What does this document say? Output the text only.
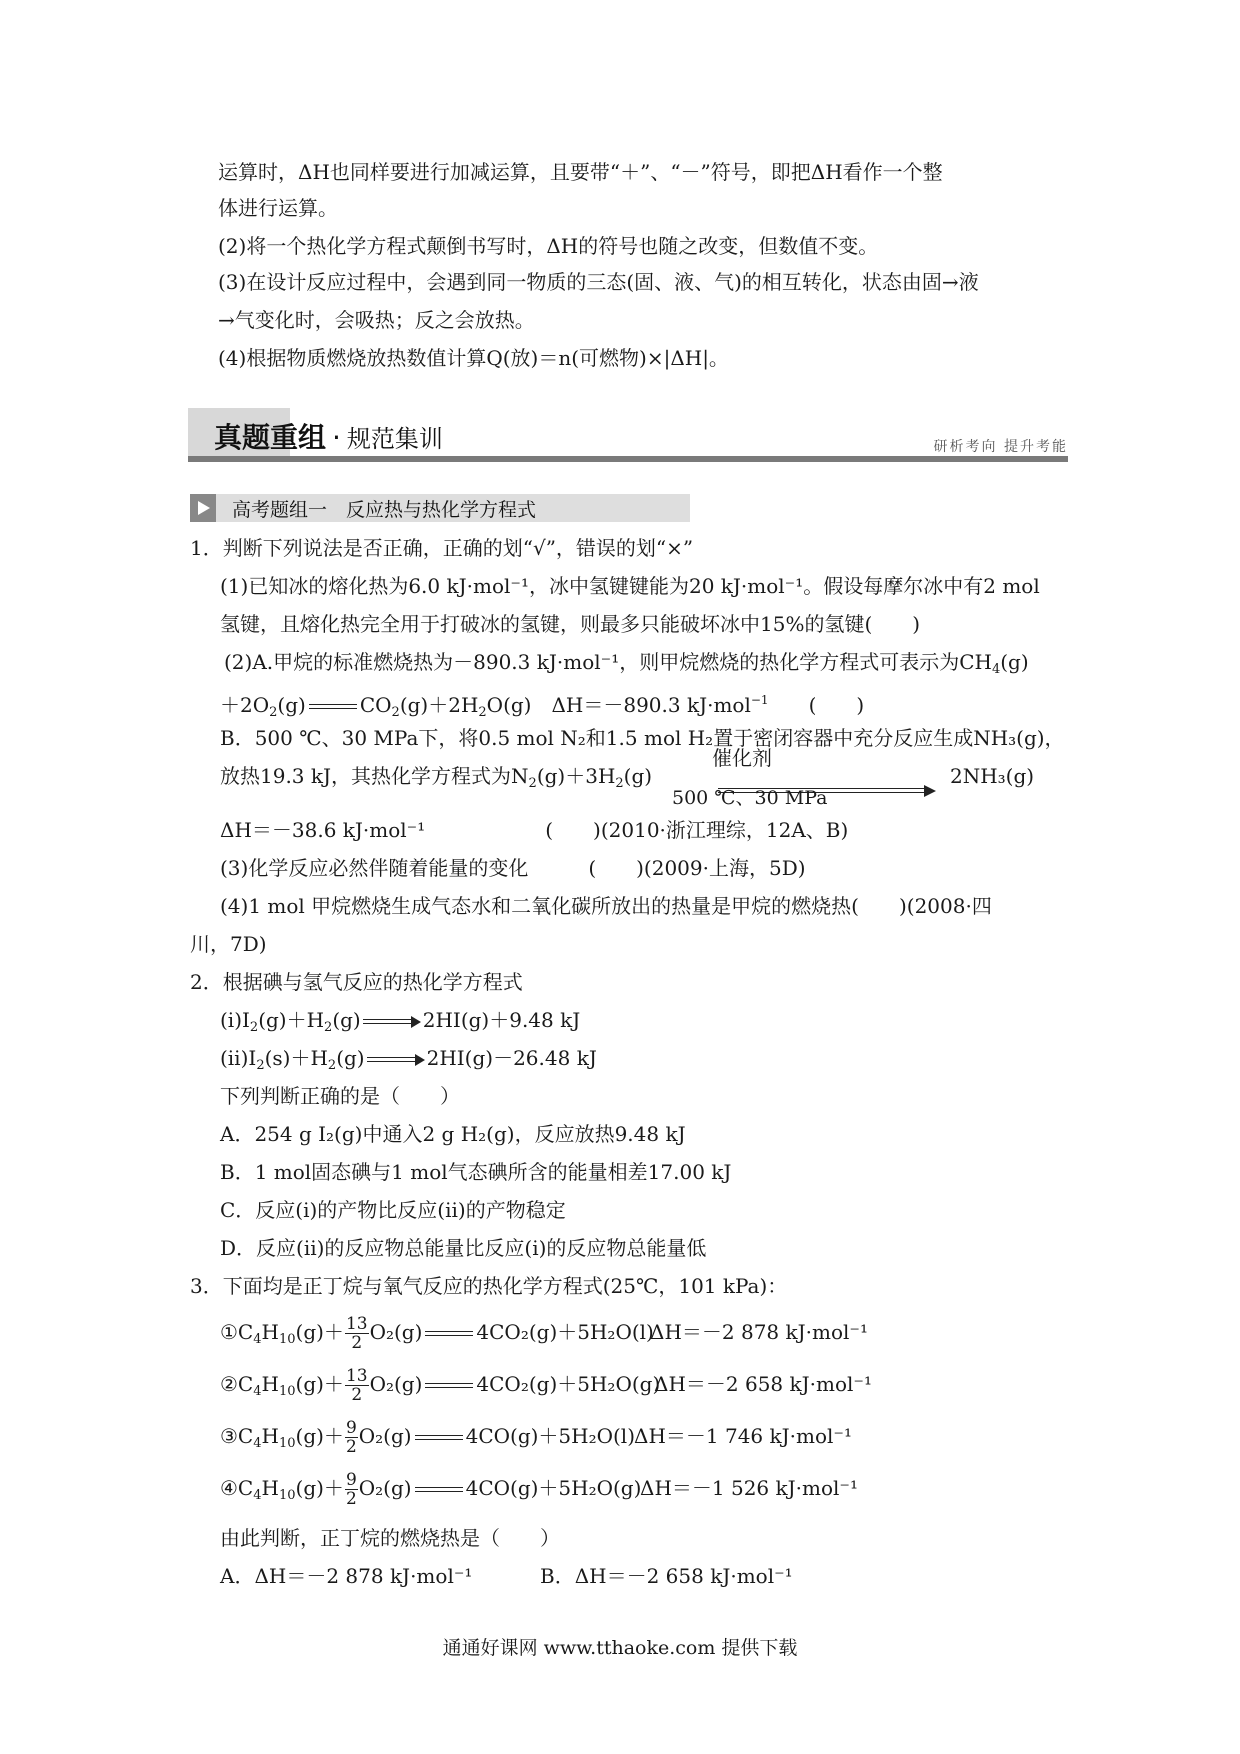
运算时，ΔH也同样要进行加减运算，且要带“＋”、“－”符号，即把ΔH看作一个整
体进行运算。
(2)将一个热化学方程式颠倒书写时，ΔH的符号也随之改变，但数值不变。
(3)在设计反应过程中，会遇到同一物质的三态(固、液、气)的相互转化，状态由固→液
→气变化时，会吸热；反之会放热。
(4)根据物质燃烧放热数值计算Q(放)＝n(可燃物)×|ΔH|。
真题重组 · 规范集训	研析考向 提升考能
高考题组一　反应热与热化学方程式
1．判断下列说法是否正确，正确的划“√”，错误的划“×”
(1)已知冰的熔化热为6.0 kJ·mol⁻¹，冰中氢键键能为20 kJ·mol⁻¹。假设每摩尔冰中有2 mol
氢键，且熔化热完全用于打破冰的氢键，则最多只能破坏冰中15%的氢键(　　)
(2)A.甲烷的标准燃烧热为－890.3 kJ·mol⁻¹，则甲烷燃烧的热化学方程式可表示为$CH_4(g)$
$+2O_2(g)$	$CO_2(g)+2H_2O(g)$　ΔH＝－890.3 kJ·mol$^{-1}$　　(　　)
B．500 ℃、30 MPa下，将0.5 mol N₂和1.5 mol H₂置于密闭容器中充分反应生成NH₃(g)，
放热19.3 kJ，其热化学方程式为$N_2(g)+3H_2(g)$
催化剂
500 ℃、30 MPa
2NH₃(g)
ΔH＝－38.6 kJ·mol⁻¹　　　　　　(　　)(2010·浙江理综，12A、B)
(3)化学反应必然伴随着能量的变化　　　(　　)(2009·上海，5D)
(4)1 mol 甲烷燃烧生成气态水和二氧化碳所放出的热量是甲烷的燃烧热(　　)(2008·四
川，7D)
2．根据碘与氢气反应的热化学方程式
$(ⅰ)I_2(g)+H_2(g)$	2HI(g)＋9.48 kJ
$(ⅱ)I_2(s)+H_2(g)$	2HI(g)－26.48 kJ
下列判断正确的是（　　）
A．254 g I₂(g)中通入2 g H₂(g)，反应放热9.48 kJ
B．1 mol固态碘与1 mol气态碘所含的能量相差17.00 kJ
C．反应(ⅰ)的产物比反应(ⅱ)的产物稳定
D．反应(ⅱ)的反应物总能量比反应(ⅰ)的反应物总能量低
3．下面均是正丁烷与氧气反应的热化学方程式(25℃，101 kPa)：
$①C_4H_{10}(g)+ \frac{13}{2} O_2(g)$	4CO₂(g)＋5H₂O(l)
ΔH＝－2 878 kJ·mol⁻¹
$②C_4H_{10}(g)+ \frac{13}{2} O_2(g)$	4CO₂(g)＋5H₂O(g)
ΔH＝－2 658 kJ·mol⁻¹
$③C_4H_{10}(g)+ \frac{9}{2} O_2(g)$	4CO(g)＋5H₂O(l)
ΔH＝－1 746 kJ·mol⁻¹
$④C_4H_{10}(g)+ \frac{9}{2} O_2(g)$	4CO(g)＋5H₂O(g)
ΔH＝－1 526 kJ·mol⁻¹
由此判断，正丁烷的燃烧热是（　　）
A．ΔH＝－2 878 kJ·mol⁻¹	B．ΔH＝－2 658 kJ·mol⁻¹
通通好课网 www.tthaoke.com 提供下载
